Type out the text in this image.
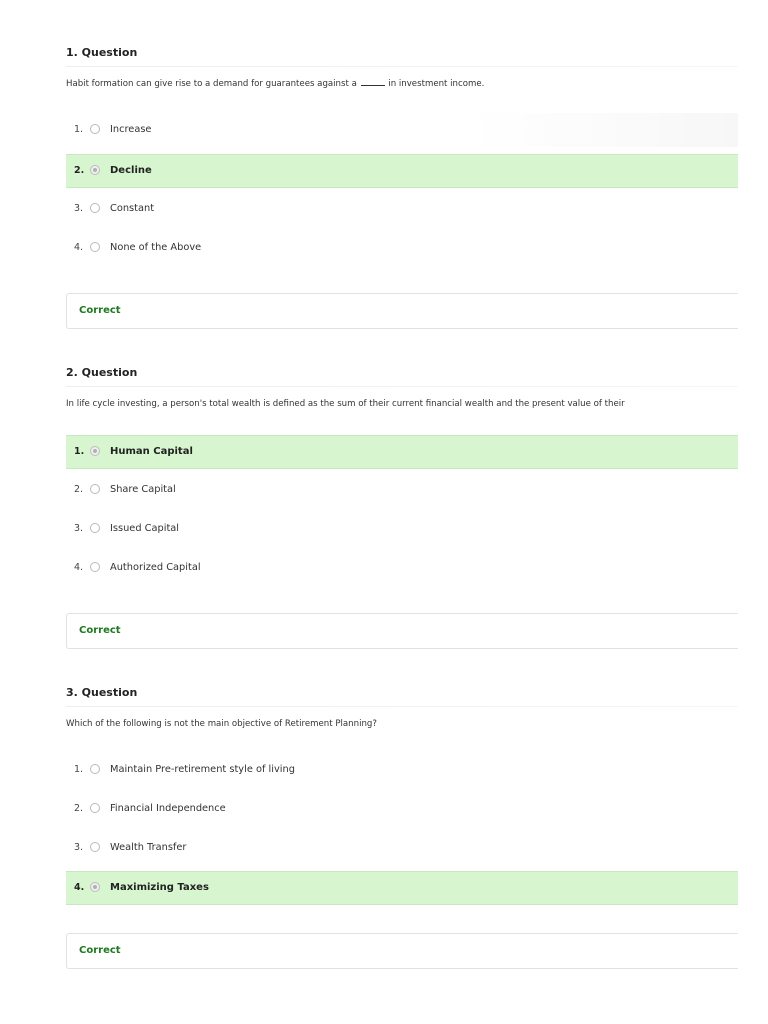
1. Question
Habit formation can give rise to a demand for guarantees against a	in investment income.
1.	Increase
2.	Decline
3.	Constant
4.	None of the Above
Correct
2. Question
In life cycle investing, a person's total wealth is defined as the sum of their current financial wealth and the present value of their
1.	Human Capital
2.	Share Capital
3.	Issued Capital
4.	Authorized Capital
Correct
3. Question
Which of the following is not the main objective of Retirement Planning?
1.	Maintain Pre-retirement style of living
2.	Financial Independence
3.	Wealth Transfer
4.	Maximizing Taxes
Correct
